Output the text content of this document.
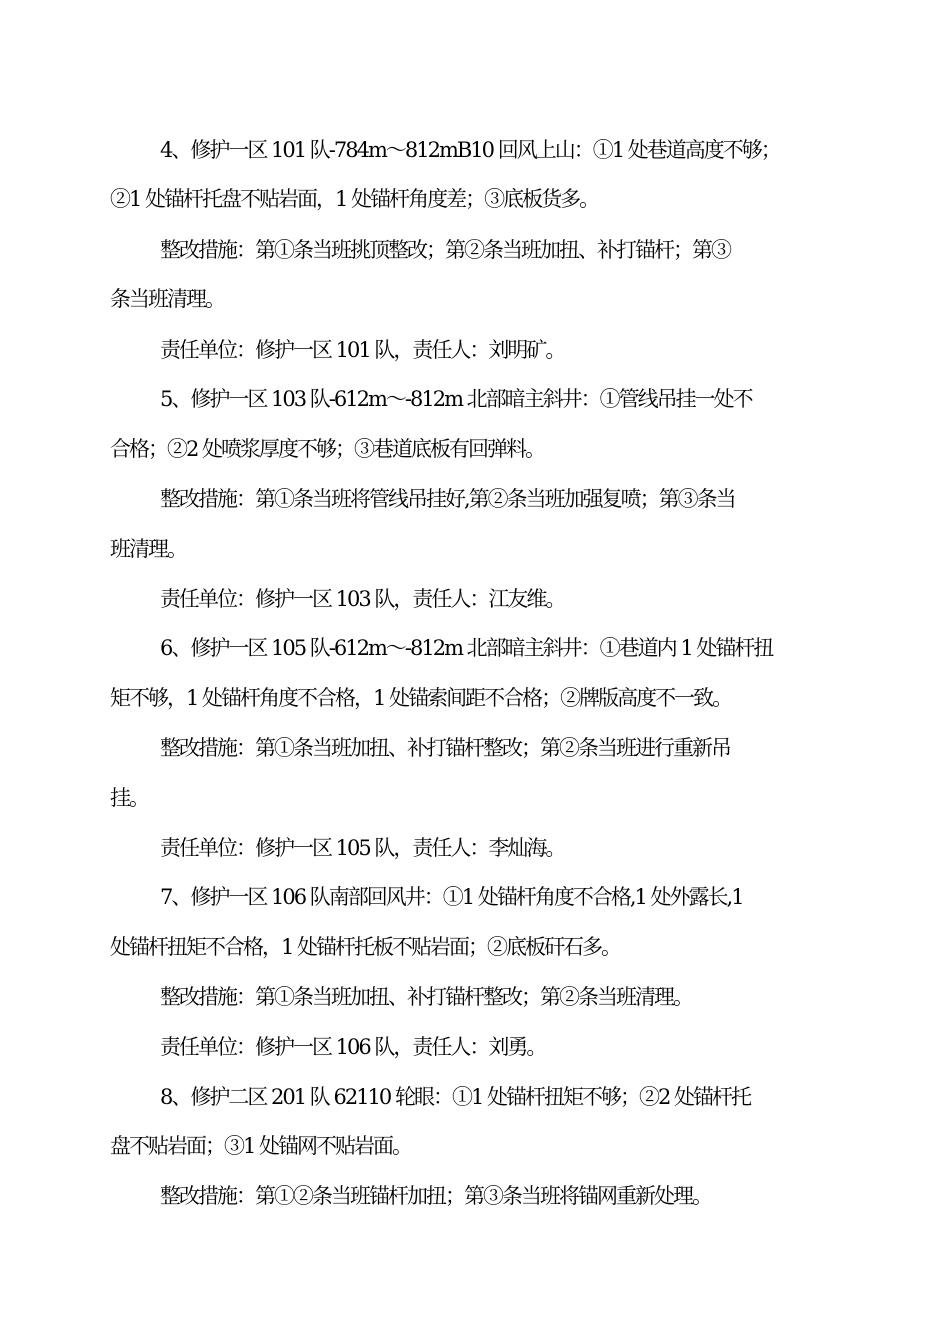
4、修护一区 101 队-784m～812mB10 回风上山：①1 处巷道高度不够；

②1 处锚杆托盘不贴岩面，1 处锚杆角度差；③底板货多。

整改措施：第①条当班挑顶整改；第②条当班加扭、补打锚杆；第③

条当班清理。

责任单位：修护一区 101 队，责任人：刘明矿。

5、修护一区 103 队-612m～-812m 北部暗主斜井：①管线吊挂一处不

合格；②2 处喷浆厚度不够；③巷道底板有回弹料。

整改措施：第①条当班将管线吊挂好,第②条当班加强复喷；第③条当

班清理。

责任单位：修护一区 103 队，责任人：江友维。

6、修护一区 105 队-612m～-812m 北部暗主斜井：①巷道内 1 处锚杆扭

矩不够，1 处锚杆角度不合格，1 处锚索间距不合格；②牌版高度不一致。

整改措施：第①条当班加扭、补打锚杆整改；第②条当班进行重新吊

挂。

责任单位：修护一区 105 队，责任人：李灿海。

7、修护一区 106 队南部回风井：①1 处锚杆角度不合格,1 处外露长,1

处锚杆扭矩不合格，1 处锚杆托板不贴岩面；②底板矸石多。

整改措施：第①条当班加扭、补打锚杆整改；第②条当班清理。

责任单位：修护一区 106 队，责任人：刘勇。

8、修护二区 201 队 62110 轮眼：①1 处锚杆扭矩不够；②2 处锚杆托

盘不贴岩面；③1 处锚网不贴岩面。

整改措施：第①②条当班锚杆加扭；第③条当班将锚网重新处理。
